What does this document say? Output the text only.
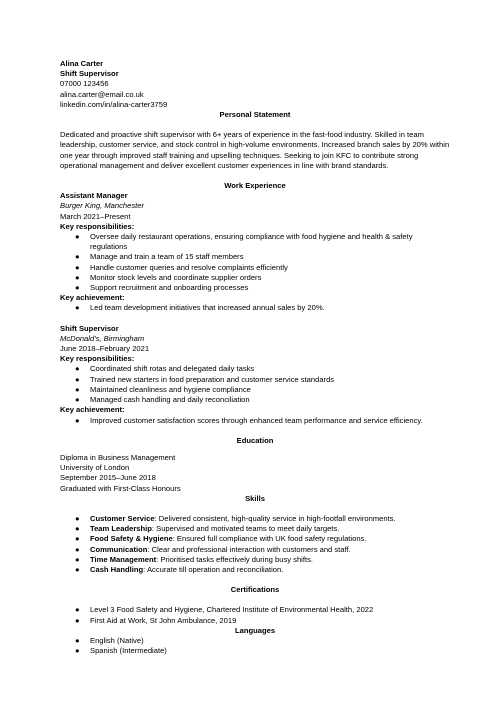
Alina Carter
Shift Supervisor
07000 123456
alina.carter@email.co.uk
linkedin.com/in/alina-carter3759
Personal Statement
Dedicated and proactive shift supervisor with 6+ years of experience in the fast-food industry. Skilled in team leadership, customer service, and stock control in high-volume environments. Increased branch sales by 20% within one year through improved staff training and upselling techniques. Seeking to join KFC to contribute strong operational management and deliver excellent customer experiences in line with brand standards.
Work Experience
Assistant Manager
Burger King, Manchester
March 2021–Present
Key responsibilities:
● Oversee daily restaurant operations, ensuring compliance with food hygiene and health & safety regulations
● Manage and train a team of 15 staff members
● Handle customer queries and resolve complaints efficiently
● Monitor stock levels and coordinate supplier orders
● Support recruitment and onboarding processes
Key achievement:
● Led team development initiatives that increased annual sales by 20%.
Shift Supervisor
McDonald's, Birmingham
June 2018–February 2021
Key responsibilities:
● Coordinated shift rotas and delegated daily tasks
● Trained new starters in food preparation and customer service standards
● Maintained cleanliness and hygiene compliance
● Managed cash handling and daily reconciliation
Key achievement:
● Improved customer satisfaction scores through enhanced team performance and service efficiency.
Education
Diploma in Business Management
University of London
September 2015–June 2018
Graduated with First-Class Honours
Skills
● Customer Service: Delivered consistent, high-quality service in high-footfall environments.
● Team Leadership: Supervised and motivated teams to meet daily targets.
● Food Safety & Hygiene: Ensured full compliance with UK food safety regulations.
● Communication: Clear and professional interaction with customers and staff.
● Time Management: Prioritised tasks effectively during busy shifts.
● Cash Handling: Accurate till operation and reconciliation.
Certifications
● Level 3 Food Safety and Hygiene, Chartered Institute of Environmental Health, 2022
● First Aid at Work, St John Ambulance, 2019
Languages
● English (Native)
● Spanish (Intermediate)
